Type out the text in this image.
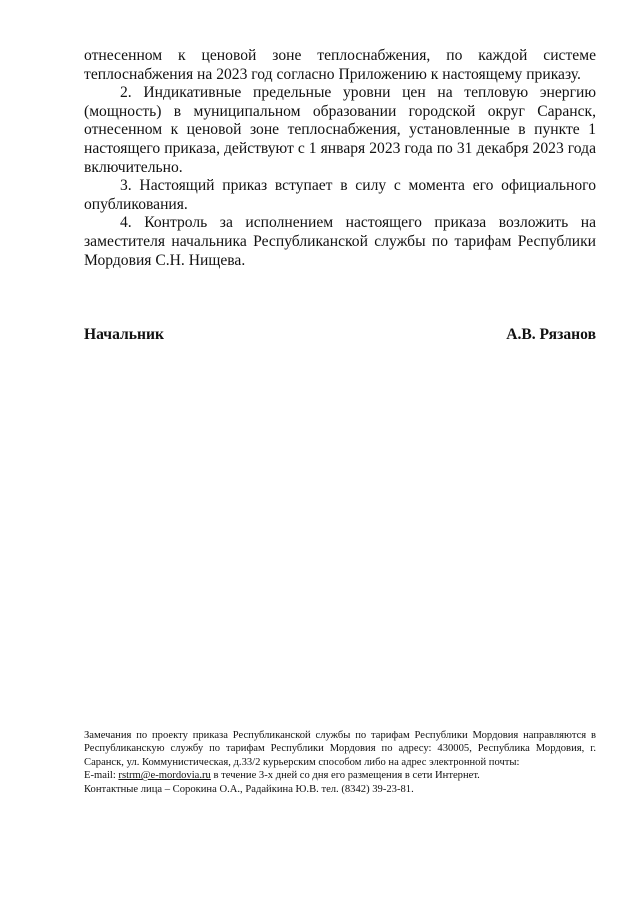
отнесенном к ценовой зоне теплоснабжения, по каждой системе теплоснабжения на 2023 год согласно Приложению к настоящему приказу.

2. Индикативные предельные уровни цен на тепловую энергию (мощность) в муниципальном образовании городской округ Саранск, отнесенном к ценовой зоне теплоснабжения, установленные в пункте 1 настоящего приказа, действуют с 1 января 2023 года по 31 декабря 2023 года включительно.

3. Настоящий приказ вступает в силу с момента его официального опубликования.

4. Контроль за исполнением настоящего приказа возложить на заместителя начальника Республиканской службы по тарифам Республики Мордовия С.Н. Нищева.

Начальник	А.В. Рязанов

Замечания по проекту приказа Республиканской службы по тарифам Республики Мордовия направляются в Республиканскую службу по тарифам Республики Мордовия по адресу: 430005, Республика Мордовия, г. Саранск, ул. Коммунистическая, д.33/2 курьерским способом либо на адрес электронной почты:

E-mail: rstrm@e-mordovia.ru в течение 3-х дней со дня его размещения в сети Интернет.

Контактные лица – Сорокина О.А., Радайкина Ю.В. тел. (8342) 39-23-81.
